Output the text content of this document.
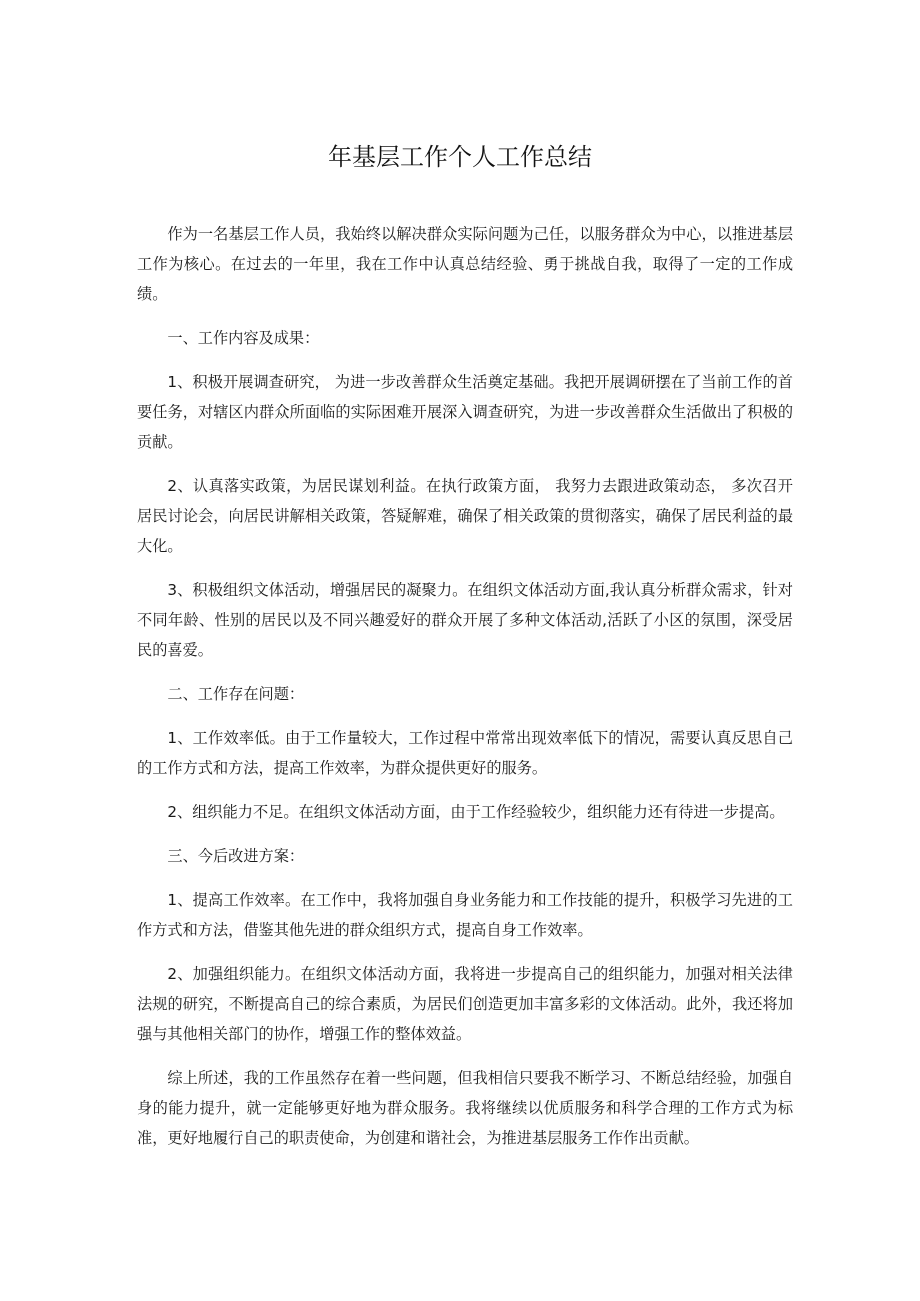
年基层工作个人工作总结

作为一名基层工作人员，我始终以解决群众实际问题为己任，以服务群众为中心，以推进基层工作为核心。在过去的一年里，我在工作中认真总结经验、勇于挑战自我，取得了一定的工作成绩。

一、工作内容及成果：

1、积极开展调查研究， 为进一步改善群众生活奠定基础。我把开展调研摆在了当前工作的首要任务，对辖区内群众所面临的实际困难开展深入调查研究，为进一步改善群众生活做出了积极的贡献。

2、认真落实政策，为居民谋划利益。在执行政策方面， 我努力去跟进政策动态， 多次召开居民讨论会，向居民讲解相关政策，答疑解难，确保了相关政策的贯彻落实，确保了居民利益的最大化。

3、积极组织文体活动，增强居民的凝聚力。在组织文体活动方面,我认真分析群众需求，针对不同年龄、性别的居民以及不同兴趣爱好的群众开展了多种文体活动,活跃了小区的氛围，深受居民的喜爱。

二、工作存在问题：

1、工作效率低。由于工作量较大，工作过程中常常出现效率低下的情况，需要认真反思自己的工作方式和方法，提高工作效率，为群众提供更好的服务。

2、组织能力不足。在组织文体活动方面，由于工作经验较少，组织能力还有待进一步提高。

三、今后改进方案：

1、提高工作效率。在工作中，我将加强自身业务能力和工作技能的提升，积极学习先进的工作方式和方法，借鉴其他先进的群众组织方式，提高自身工作效率。

2、加强组织能力。在组织文体活动方面，我将进一步提高自己的组织能力，加强对相关法律法规的研究，不断提高自己的综合素质，为居民们创造更加丰富多彩的文体活动。此外，我还将加强与其他相关部门的协作，增强工作的整体效益。

综上所述，我的工作虽然存在着一些问题，但我相信只要我不断学习、不断总结经验，加强自身的能力提升，就一定能够更好地为群众服务。我将继续以优质服务和科学合理的工作方式为标准，更好地履行自己的职责使命，为创建和谐社会，为推进基层服务工作作出贡献。
